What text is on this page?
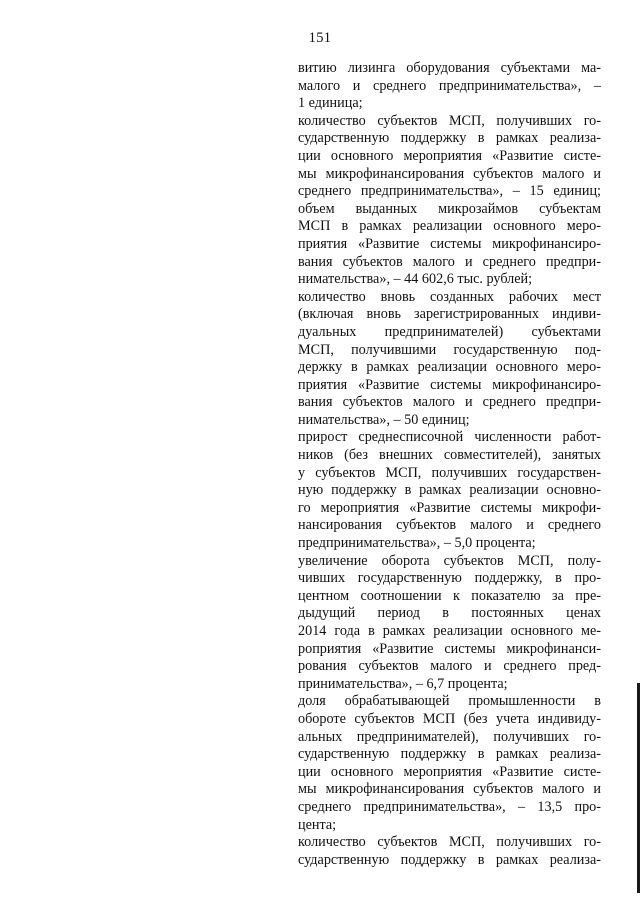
151
витию лизинга оборудования субъектами ма-
малого и среднего предпринимательства», –
1 единица;
количество субъектов МСП, получивших го-
сударственную поддержку в рамках реализа-
ции основного мероприятия «Развитие систе-
мы микрофинансирования субъектов малого и
среднего предпринимательства», – 15 единиц;
объем выданных микрозаймов субъектам
МСП в рамках реализации основного меро-
приятия «Развитие системы микрофинансиро-
вания субъектов малого и среднего предпри-
нимательства», – 44 602,6 тыс. рублей;
количество вновь созданных рабочих мест
(включая вновь зарегистрированных индиви-
дуальных предпринимателей) субъектами
МСП, получившими государственную под-
держку в рамках реализации основного меро-
приятия «Развитие системы микрофинансиро-
вания субъектов малого и среднего предпри-
нимательства», – 50 единиц;
прирост среднесписочной численности работ-
ников (без внешних совместителей), занятых
у субъектов МСП, получивших государствен-
ную поддержку в рамках реализации основно-
го мероприятия «Развитие системы микрофи-
нансирования субъектов малого и среднего
предпринимательства», – 5,0 процента;
увеличение оборота субъектов МСП, полу-
чивших государственную поддержку, в про-
центном соотношении к показателю за пре-
дыдущий период в постоянных ценах
2014 года в рамках реализации основного ме-
роприятия «Развитие системы микрофинанси-
рования субъектов малого и среднего пред-
принимательства», – 6,7 процента;
доля обрабатывающей промышленности в
обороте субъектов МСП (без учета индивиду-
альных предпринимателей), получивших го-
сударственную поддержку в рамках реализа-
ции основного мероприятия «Развитие систе-
мы микрофинансирования субъектов малого и
среднего предпринимательства», – 13,5 про-
цента;
количество субъектов МСП, получивших го-
сударственную поддержку в рамках реализа-
